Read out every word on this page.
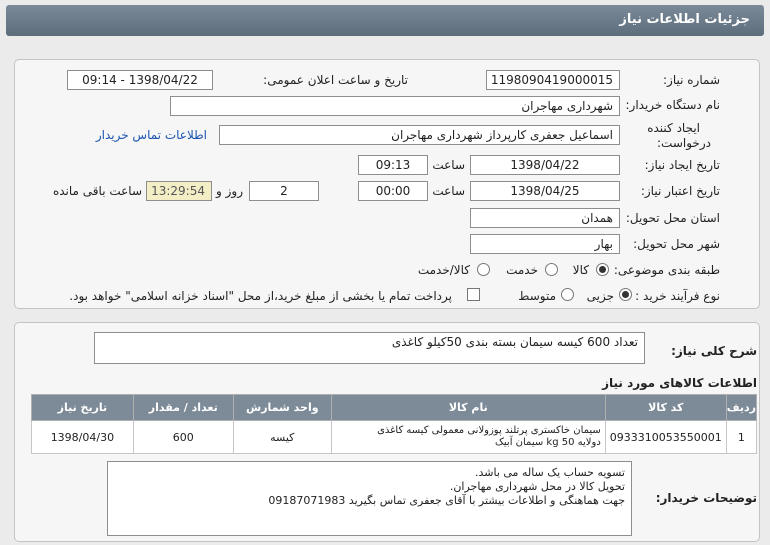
جزئیات اطلاعات نیاز
شماره نیاز:
1198090419000015
تاریخ و ساعت اعلان عمومی:
1398/04/22 - 09:14
نام دستگاه خریدار:
شهرداری مهاجران
ایجاد کننده
درخواست:
اسماعیل جعفری کارپرداز شهرداری مهاجران
اطلاعات تماس خریدار
تاریخ ایجاد نیاز:
1398/04/22
ساعت
09:13
تاریخ اعتبار نیاز:
1398/04/25
ساعت
00:00
2
روز و
13:29:54
ساعت باقی مانده
استان محل تحویل:
همدان
شهر محل تحویل:
بهار
طبقه بندی موضوعی:
کالا
خدمت
کالا/خدمت
نوع فرآیند خرید :
جزیی
متوسط
پرداخت تمام یا بخشی از مبلغ خرید،از محل "اسناد خزانه اسلامی" خواهد بود.
شرح کلی نیاز:
تعداد 600 کیسه سیمان بسته بندی 50کیلو کاغذی
اطلاعات کالاهای مورد نیاز
ردیف	کد کالا	نام کالا	واحد شمارش	تعداد / مقدار	تاریخ نیاز
1	0933310053550001	سیمان خاکستری پرتلند پوزولانی معمولی کیسه کاغذی
دولایه 50 kg سیمان آبیک	کیسه	600	1398/04/30
توضیحات خریدار:
تسویه حساب یک ساله می باشد.
تحویل کالا در محل شهرداری مهاجران.
جهت هماهنگی و اطلاعات بیشتر با آقای جعفری تماس بگیرید 09187071983
